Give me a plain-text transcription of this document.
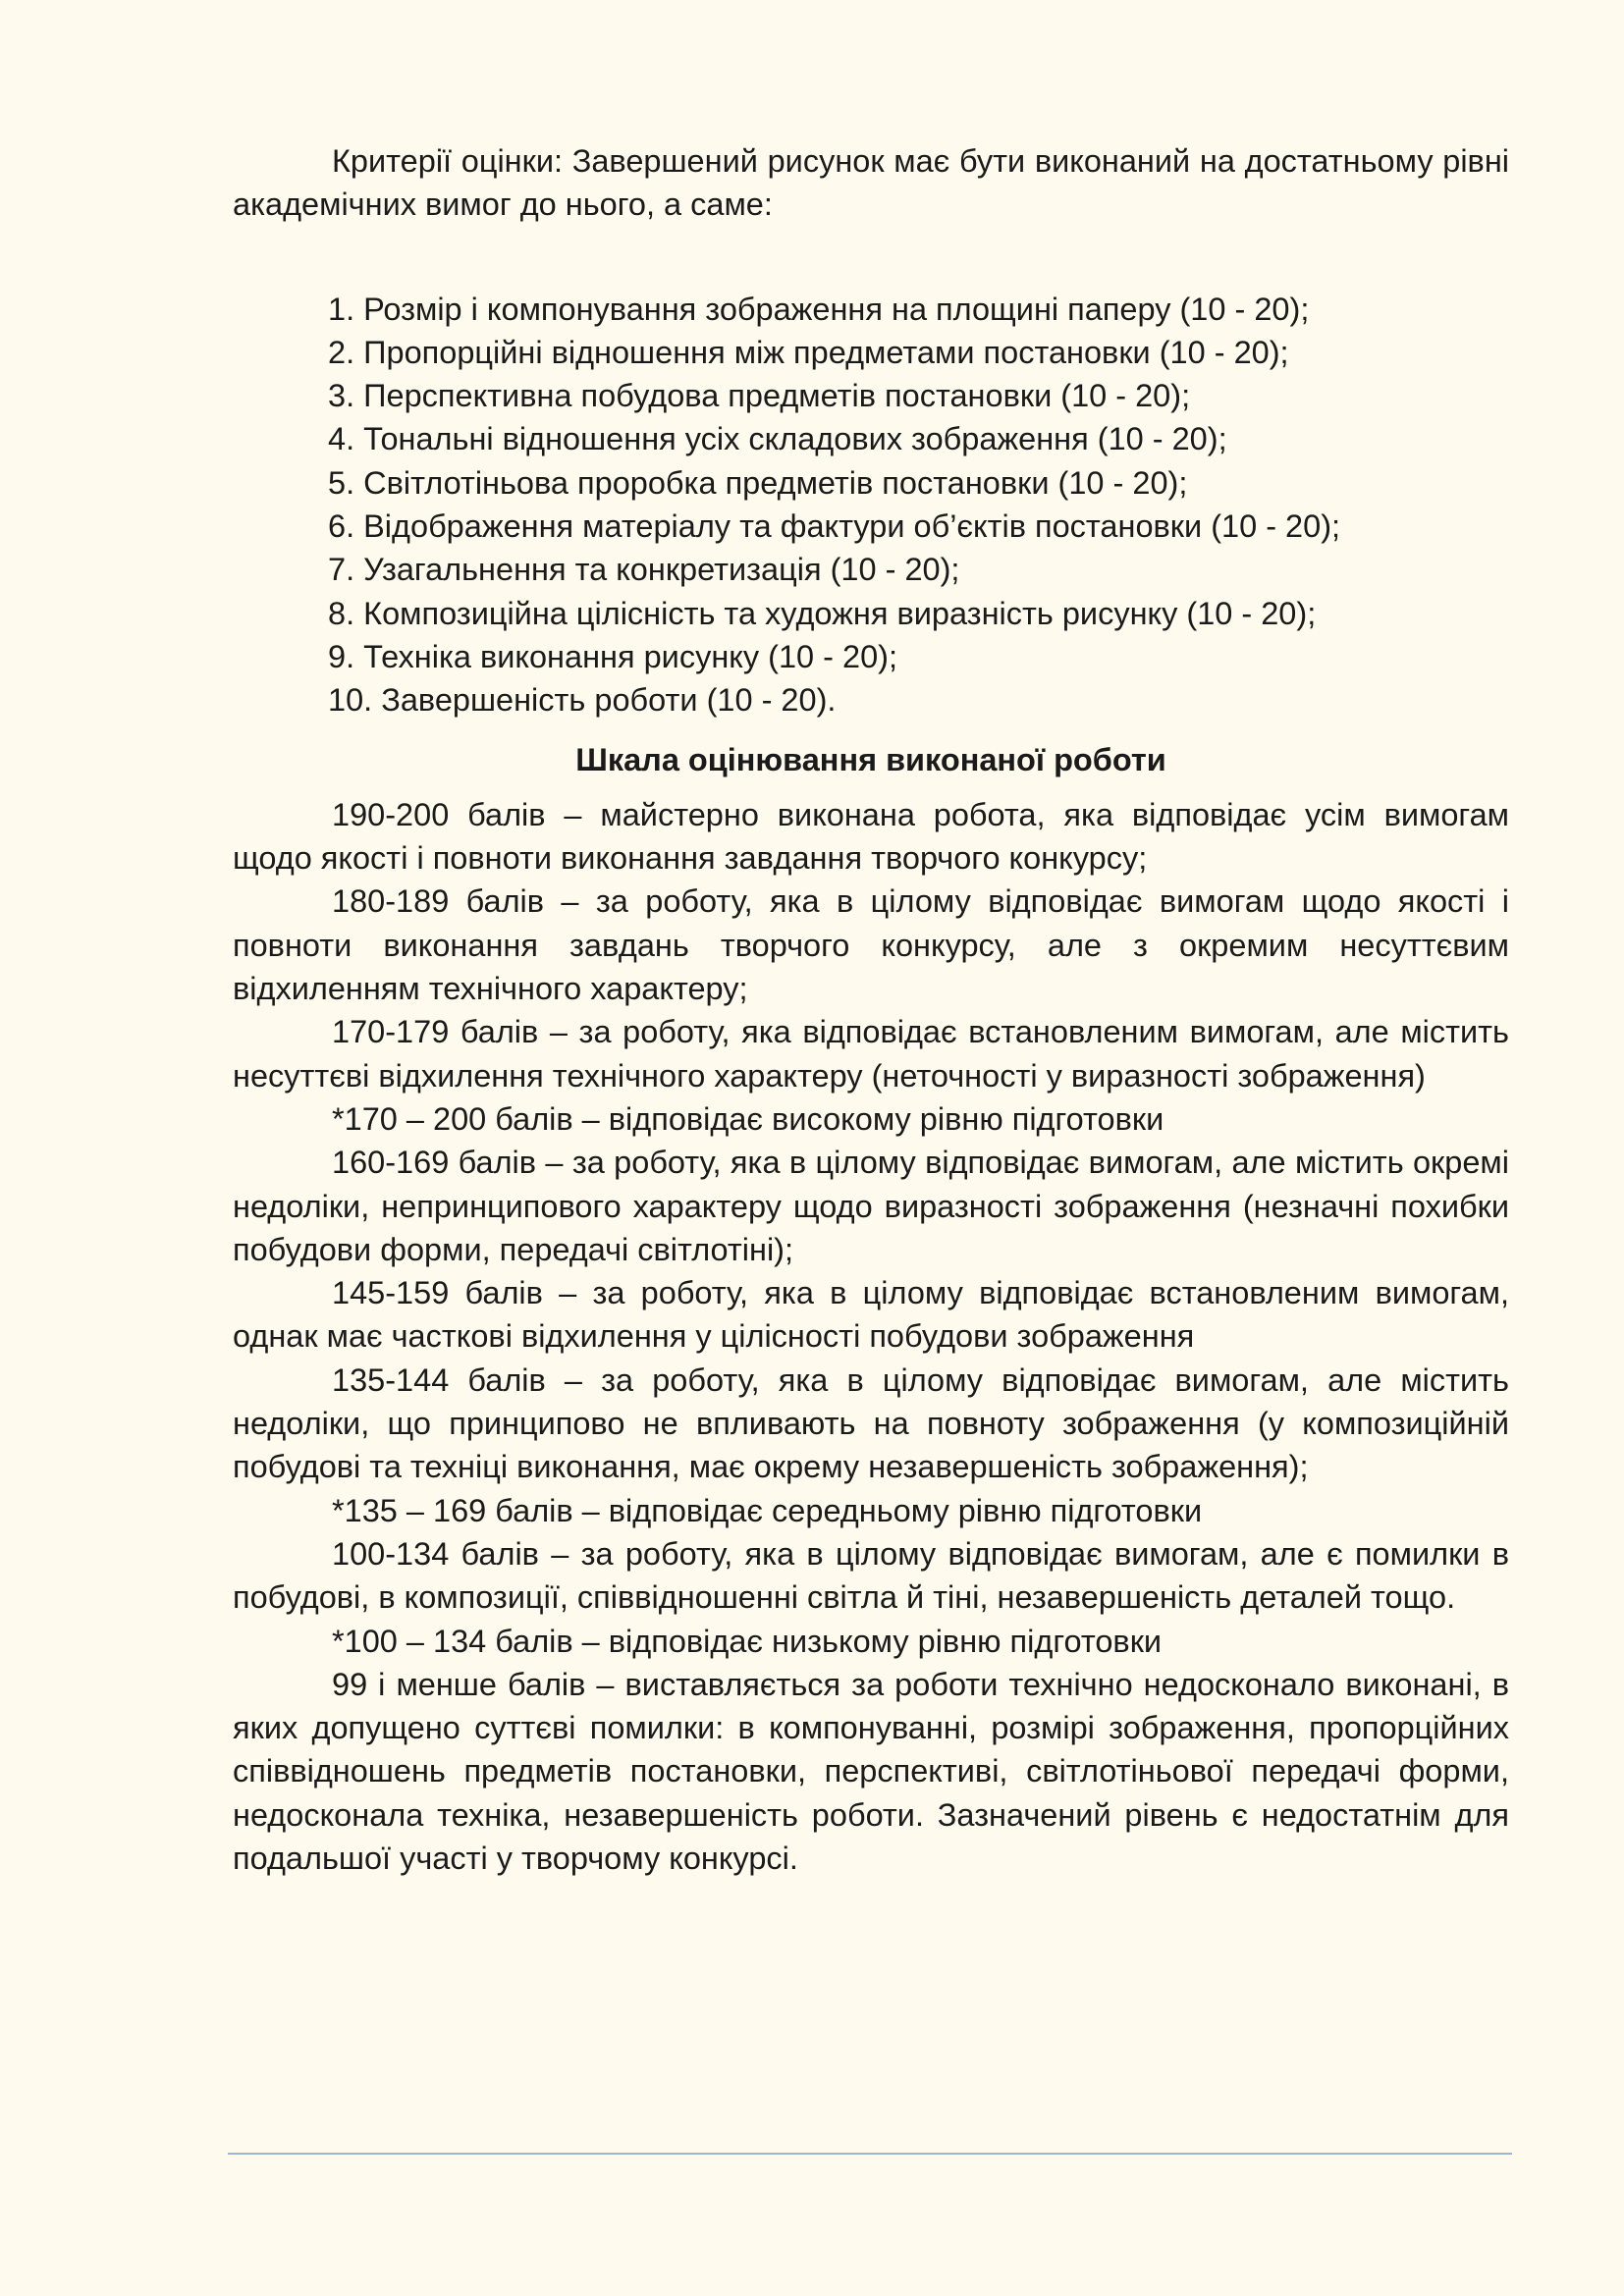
Критерії оцінки: Завершений рисунок має бути виконаний на достатньому рівні академічних вимог до нього, а саме:

1. Розмір і компонування зображення на площині паперу (10 - 20);
2. Пропорційні відношення між предметами постановки (10 - 20);
3. Перспективна побудова предметів постановки (10 - 20);
4. Тональні відношення усіх складових зображення (10 - 20);
5. Світлотіньова проробка предметів постановки (10 - 20);
6. Відображення матеріалу та фактури об’єктів постановки (10 - 20);
7. Узагальнення та конкретизація (10 - 20);
8. Композиційна цілісність та художня виразність рисунку (10 - 20);
9. Техніка виконання рисунку (10 - 20);
10. Завершеність роботи (10 - 20).
Шкала оцінювання виконаної роботи

190-200 балів – майстерно виконана робота, яка відповідає усім вимогам щодо якості і повноти виконання завдання творчого конкурсу;

180-189 балів – за роботу, яка в цілому відповідає вимогам щодо якості і повноти виконання завдань творчого конкурсу, але з окремим несуттєвим відхиленням технічного характеру;

170-179 балів – за роботу, яка відповідає встановленим вимогам, але містить несуттєві відхилення технічного характеру (неточності у виразності зображення)

*170 – 200 балів – відповідає високому рівню підготовки

160-169 балів – за роботу, яка в цілому відповідає вимогам, але містить окремі недоліки, непринципового характеру щодо виразності зображення (незначні похибки побудови форми, передачі світлотіні);

145-159 балів – за роботу, яка в цілому відповідає встановленим вимогам, однак має часткові відхилення у цілісності побудови зображення

135-144 балів – за роботу, яка в цілому відповідає вимогам, але містить недоліки, що принципово не впливають на повноту зображення (у композиційній побудові та техніці виконання, має окрему незавершеність зображення);

*135 – 169 балів – відповідає середньому рівню підготовки

100-134 балів – за роботу, яка в цілому відповідає вимогам, але є помилки в побудові, в композиції, співвідношенні світла й тіні, незавершеність деталей тощо.

*100 – 134 балів – відповідає низькому рівню підготовки

99 і менше балів – виставляється за роботи технічно недосконало виконані, в яких допущено суттєві помилки: в компонуванні, розмірі зображення, пропорційних співвідношень предметів постановки, перспективі, світлотіньової передачі форми, недосконала техніка, незавершеність роботи. Зазначений рівень є недостатнім для подальшої участі у творчому конкурсі.
